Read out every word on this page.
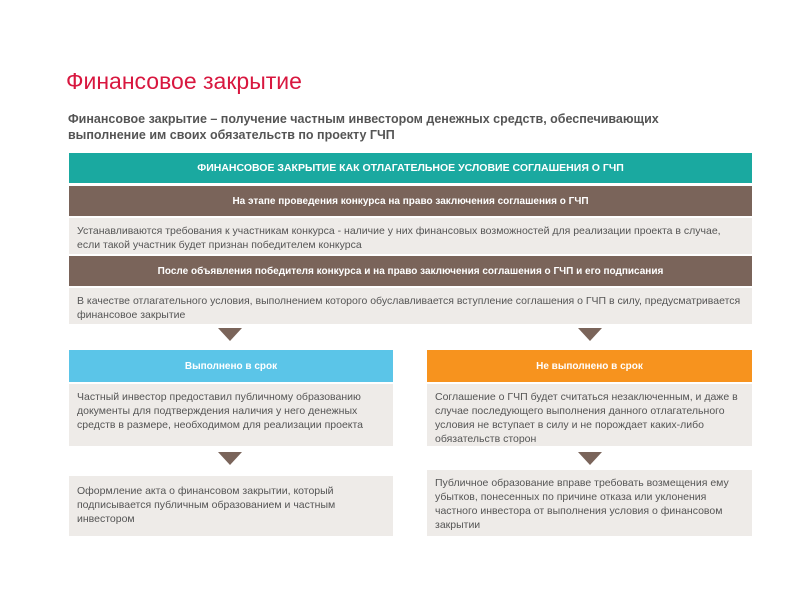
Финансовое закрытие
Финансовое закрытие – получение частным инвестором денежных средств, обеспечивающих выполнение им своих обязательств по проекту ГЧП
ФИНАНСОВОЕ ЗАКРЫТИЕ КАК ОТЛАГАТЕЛЬНОЕ УСЛОВИЕ СОГЛАШЕНИЯ О ГЧП
На этапе проведения конкурса на право заключения соглашения о ГЧП
Устанавливаются требования к участникам конкурса - наличие у них финансовых возможностей для реализации проекта в случае, если такой участник будет признан победителем конкурса
После объявления победителя конкурса и на право заключения соглашения о ГЧП и его подписания
В качестве отлагательного условия, выполнением которого обуславливается вступление соглашения о ГЧП в силу, предусматривается финансовое закрытие
Выполнено в срок	Не выполнено в срок
Частный инвестор предоставил публичному образованию документы для подтверждения наличия у него денежных средств в размере, необходимом для реализации проекта
Соглашение о ГЧП будет считаться незаключенным, и даже в случае последующего выполнения данного отлагательного условия не вступает в силу и не порождает каких-либо обязательств сторон
Оформление акта о финансовом закрытии, который подписывается публичным образованием и частным инвестором
Публичное образование вправе требовать возмещения ему убытков, понесенных по причине отказа или уклонения частного инвестора от выполнения условия о финансовом закрытии
